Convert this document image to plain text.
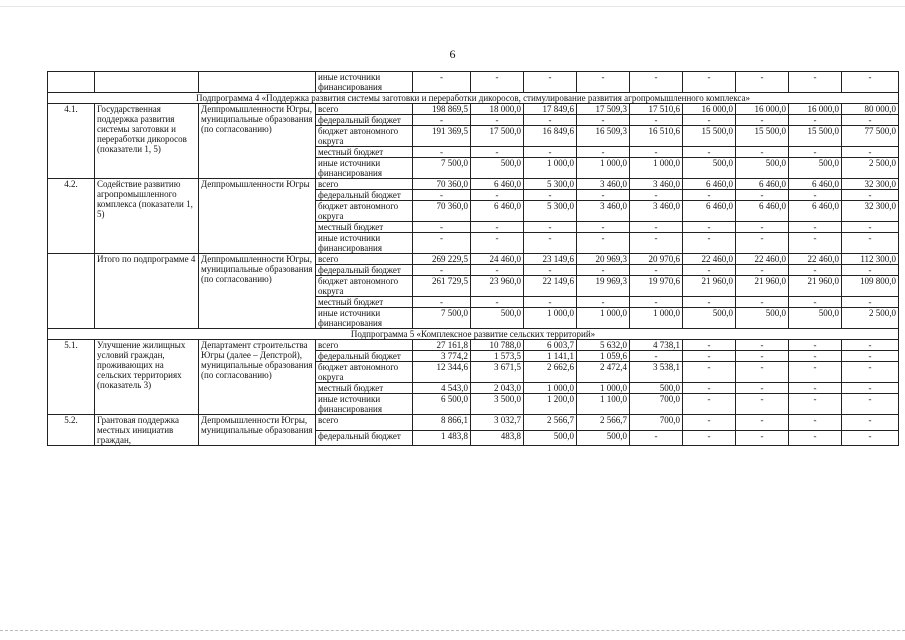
6
			иные источники финансирования	-	-	-	-	-	-	-	-	-
Подпрограмма 4 «Поддержка развития системы заготовки и переработки дикоросов, стимулирование развития агропромышленного комплекса»												
4.1.	Государственная поддержка развития системы заготовки и переработки дикоросов (показатели 1, 5)	Деппромышленности Югры, муниципальные образования (по согласованию)	всего	198 869,5	18 000,0	17 849,6	17 509,3	17 510,6	16 000,0	16 000,0	16 000,0	80 000,0
			федеральный бюджет	-	-	-	-	-	-	-	-	-
			бюджет автономного округа	191 369,5	17 500,0	16 849,6	16 509,3	16 510,6	15 500,0	15 500,0	15 500,0	77 500,0
			местный бюджет	-	-	-	-	-	-	-	-	-
			иные источники финансирования	7 500,0	500,0	1 000,0	1 000,0	1 000,0	500,0	500,0	500,0	2 500,0
4.2.	Содействие развитию агропромышленного комплекса (показатели 1, 5)	Деппромышленности Югры	всего	70 360,0	6 460,0	5 300,0	3 460,0	3 460,0	6 460,0	6 460,0	6 460,0	32 300,0
			федеральный бюджет	-	-	-	-	-	-	-	-	-
			бюджет автономного округа	70 360,0	6 460,0	5 300,0	3 460,0	3 460,0	6 460,0	6 460,0	6 460,0	32 300,0
			местный бюджет	-	-	-	-	-	-	-	-	-
			иные источники финансирования	-	-	-	-	-	-	-	-	-
	Итого по подпрограмме 4	Деппромышленности Югры, муниципальные образования (по согласованию)	всего	269 229,5	24 460,0	23 149,6	20 969,3	20 970,6	22 460,0	22 460,0	22 460,0	112 300,0
			федеральный бюджет	-	-	-	-	-	-	-	-	-
			бюджет автономного округа	261 729,5	23 960,0	22 149,6	19 969,3	19 970,6	21 960,0	21 960,0	21 960,0	109 800,0
			местный бюджет	-	-	-	-	-	-	-	-	-
			иные источники финансирования	7 500,0	500,0	1 000,0	1 000,0	1 000,0	500,0	500,0	500,0	2 500,0
Подпрограмма 5 «Комплексное развитие сельских территорий»												
5.1.	Улучшение жилищных условий граждан, проживающих на сельских территориях (показатель 3)	Департамент строительства Югры (далее – Депстрой), муниципальные образования (по согласованию)	всего	27 161,8	10 788,0	6 003,7	5 632,0	4 738,1	-	-	-	-
			федеральный бюджет	3 774,2	1 573,5	1 141,1	1 059,6	-	-	-	-	-
			бюджет автономного округа	12 344,6	3 671,5	2 662,6	2 472,4	3 538,1	-	-	-	-
			местный бюджет	4 543,0	2 043,0	1 000,0	1 000,0	500,0	-	-	-	-
			иные источники финансирования	6 500,0	3 500,0	1 200,0	1 100,0	700,0	-	-	-	-
5.2.	Грантовая поддержка местных инициатив граждан,	Депромышленности Югры, муниципальные образования	всего	8 866,1	3 032,7	2 566,7	2 566,7	700,0	-	-	-	-
			федеральный бюджет	1 483,8	483,8	500,0	500,0	-	-	-	-	-
